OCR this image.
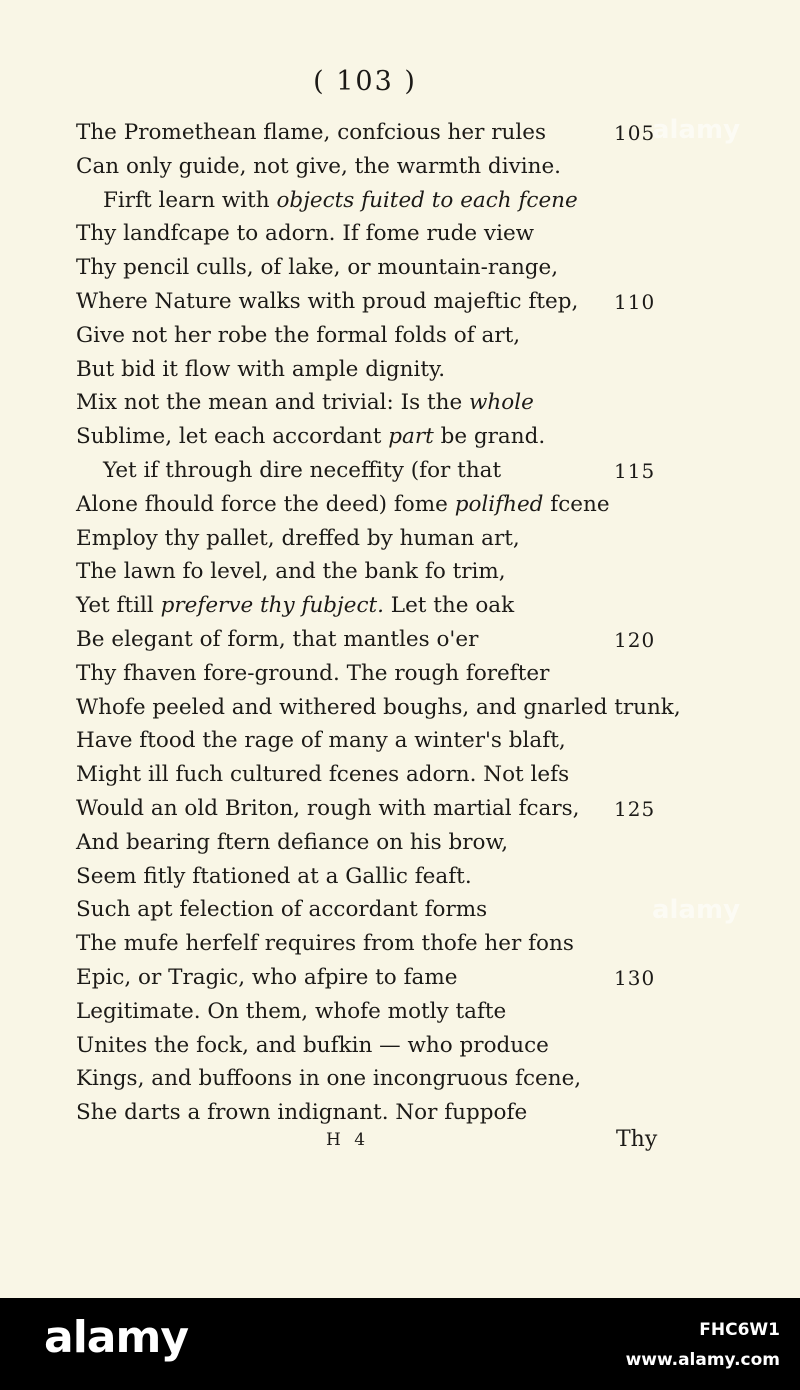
( 103 )
The Promethean flame, confcious her rules	105
Can only guide, not give, the warmth divine.
Firft learn with objects fuited to each fcene
Thy landfcape to adorn. If fome rude view
Thy pencil culls, of lake, or mountain-range,
Where Nature walks with proud majeftic ftep, 110
Give not her robe the formal folds of art,
But bid it flow with ample dignity.
Mix not the mean and trivial: Is the whole
Sublime, let each accordant part be grand.
Yet if through dire neceffity (for that	115
Alone fhould force the deed) fome polifhed fcene
Employ thy pallet, dreffed by human art,
The lawn fo level, and the bank fo trim,
Yet ftill preferve thy fubject. Let the oak
Be elegant of form, that mantles o'er	120
Thy fhaven fore-ground. The rough forefter
Whofe peeled and withered boughs, and gnarled trunk,
Have ftood the rage of many a winter's blaft,
Might ill fuch cultured fcenes adorn. Not lefs
Would an old Briton, rough with martial fcars, 125
And bearing ftern defiance on his brow,
Seem fitly ftationed at a Gallic feaft.
Such apt felection of accordant forms
The mufe herfelf requires from thofe her fons
Epic, or Tragic, who afpire to fame	130
Legitimate. On them, whofe motly tafte
Unites the fock, and bufkin — who produce
Kings, and buffoons in one incongruous fcene,
She darts a frown indignant. Nor fuppofe
H 4	Thy
alamy
alamy
alamy	FHC6W1
www.alamy.com
